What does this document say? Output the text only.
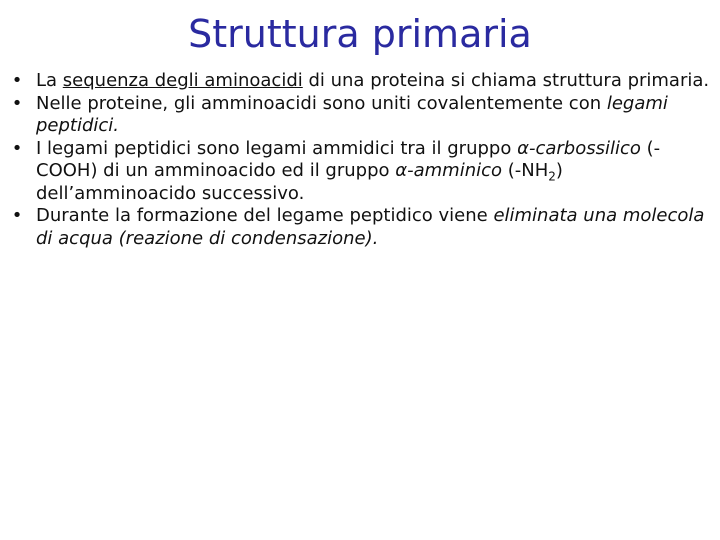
Struttura primaria
• La sequenza degli aminoacidi di una proteina si chiama struttura primaria.
• Nelle proteine, gli amminoacidi sono uniti covalentemente con legami peptidici.
• I legami peptidici sono legami ammidici tra il gruppo α-carbossilico (-COOH) di un amminoacido ed il gruppo α-amminico $(-NH_2)$ dell’amminoacido successivo.
• Durante la formazione del legame peptidico viene eliminata una molecola di acqua (reazione di condensazione).
